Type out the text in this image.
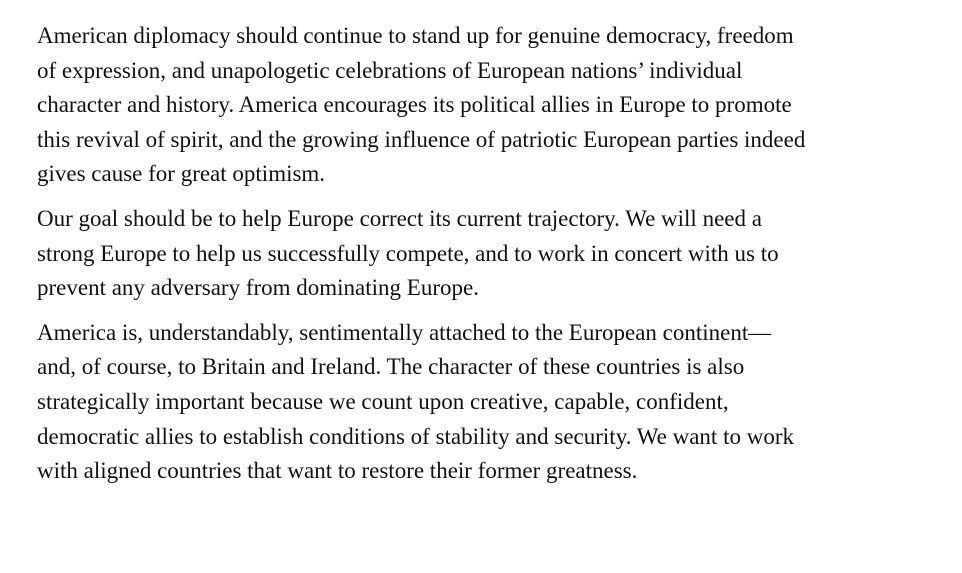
American diplomacy should continue to stand up for genuine democracy, freedom
of expression, and unapologetic celebrations of European nations’ individual
character and history. America encourages its political allies in Europe to promote
this revival of spirit, and the growing influence of patriotic European parties indeed
gives cause for great optimism.

Our goal should be to help Europe correct its current trajectory. We will need a
strong Europe to help us successfully compete, and to work in concert with us to
prevent any adversary from dominating Europe.

America is, understandably, sentimentally attached to the European continent—
and, of course, to Britain and Ireland. The character of these countries is also
strategically important because we count upon creative, capable, confident,
democratic allies to establish conditions of stability and security. We want to work
with aligned countries that want to restore their former greatness.
